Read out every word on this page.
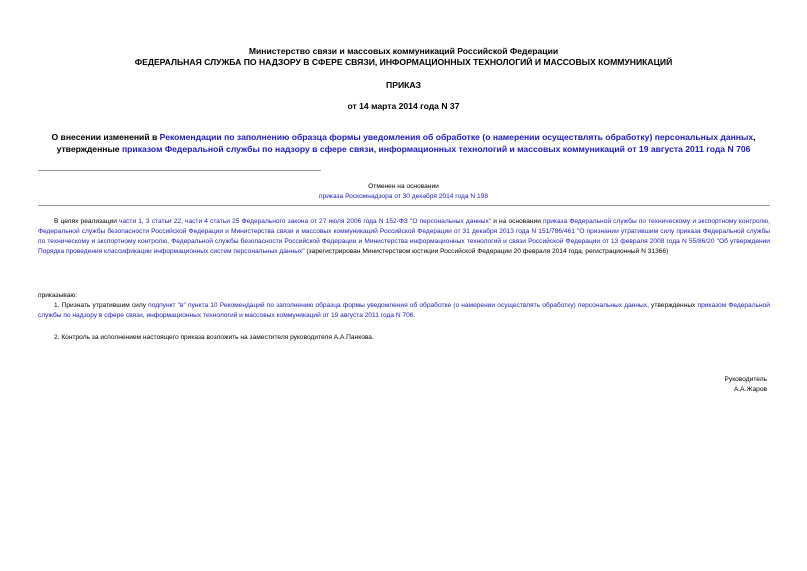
Министерство связи и массовых коммуникаций Российской Федерации
ФЕДЕРАЛЬНАЯ СЛУЖБА ПО НАДЗОРУ В СФЕРЕ СВЯЗИ, ИНФОРМАЦИОННЫХ ТЕХНОЛОГИЙ И МАССОВЫХ КОММУНИКАЦИЙ
ПРИКАЗ
от 14 марта 2014 года N 37
О внесении изменений в Рекомендации по заполнению образца формы уведомления об обработке (о намерении осуществлять обработку) персональных данных, утвержденные приказом Федеральной службы по надзору в сфере связи, информационных технологий и массовых коммуникаций от 19 августа 2011 года N 706
Отменен на основании
приказа Роскомнадзора от 30 декабря 2014 года N 198
В целях реализации части 1, 3 статьи 22, части 4 статьи 25 Федерального закона от 27 июля 2006 года N 152-ФЗ "О персональных данных" и на основании приказа Федеральной службы по техническому и экспортному контролю, Федеральной службы безопасности Российской Федерации и Министерства связи и массовых коммуникаций Российской Федерации от 31 декабря 2013 года N 151/786/461 "О признании утратившим силу приказа Федеральной службы по техническому и экспортному контролю, Федеральной службы безопасности Российской Федерации и Министерства информационных технологий и связи Российской Федерации от 13 февраля 2008 года N 55/86/20 "Об утверждении Порядка проведения классификации информационных систем персональных данных" (зарегистрирован Министерством юстиции Российской Федерации 20 февраля 2014 года, регистрационный N 31366)
приказываю:
1. Признать утратившим силу подпункт "в" пункта 10 Рекомендаций по заполнению образца формы уведомления об обработке (о намерении осуществлять обработку) персональных данных, утвержденных приказом Федеральной службы по надзору в сфере связи, информационных технологий и массовых коммуникаций от 19 августа 2011 года N 706.
2. Контроль за исполнением настоящего приказа возложить на заместителя руководителя А.А.Панкова.
Руководитель
А.А.Жаров
